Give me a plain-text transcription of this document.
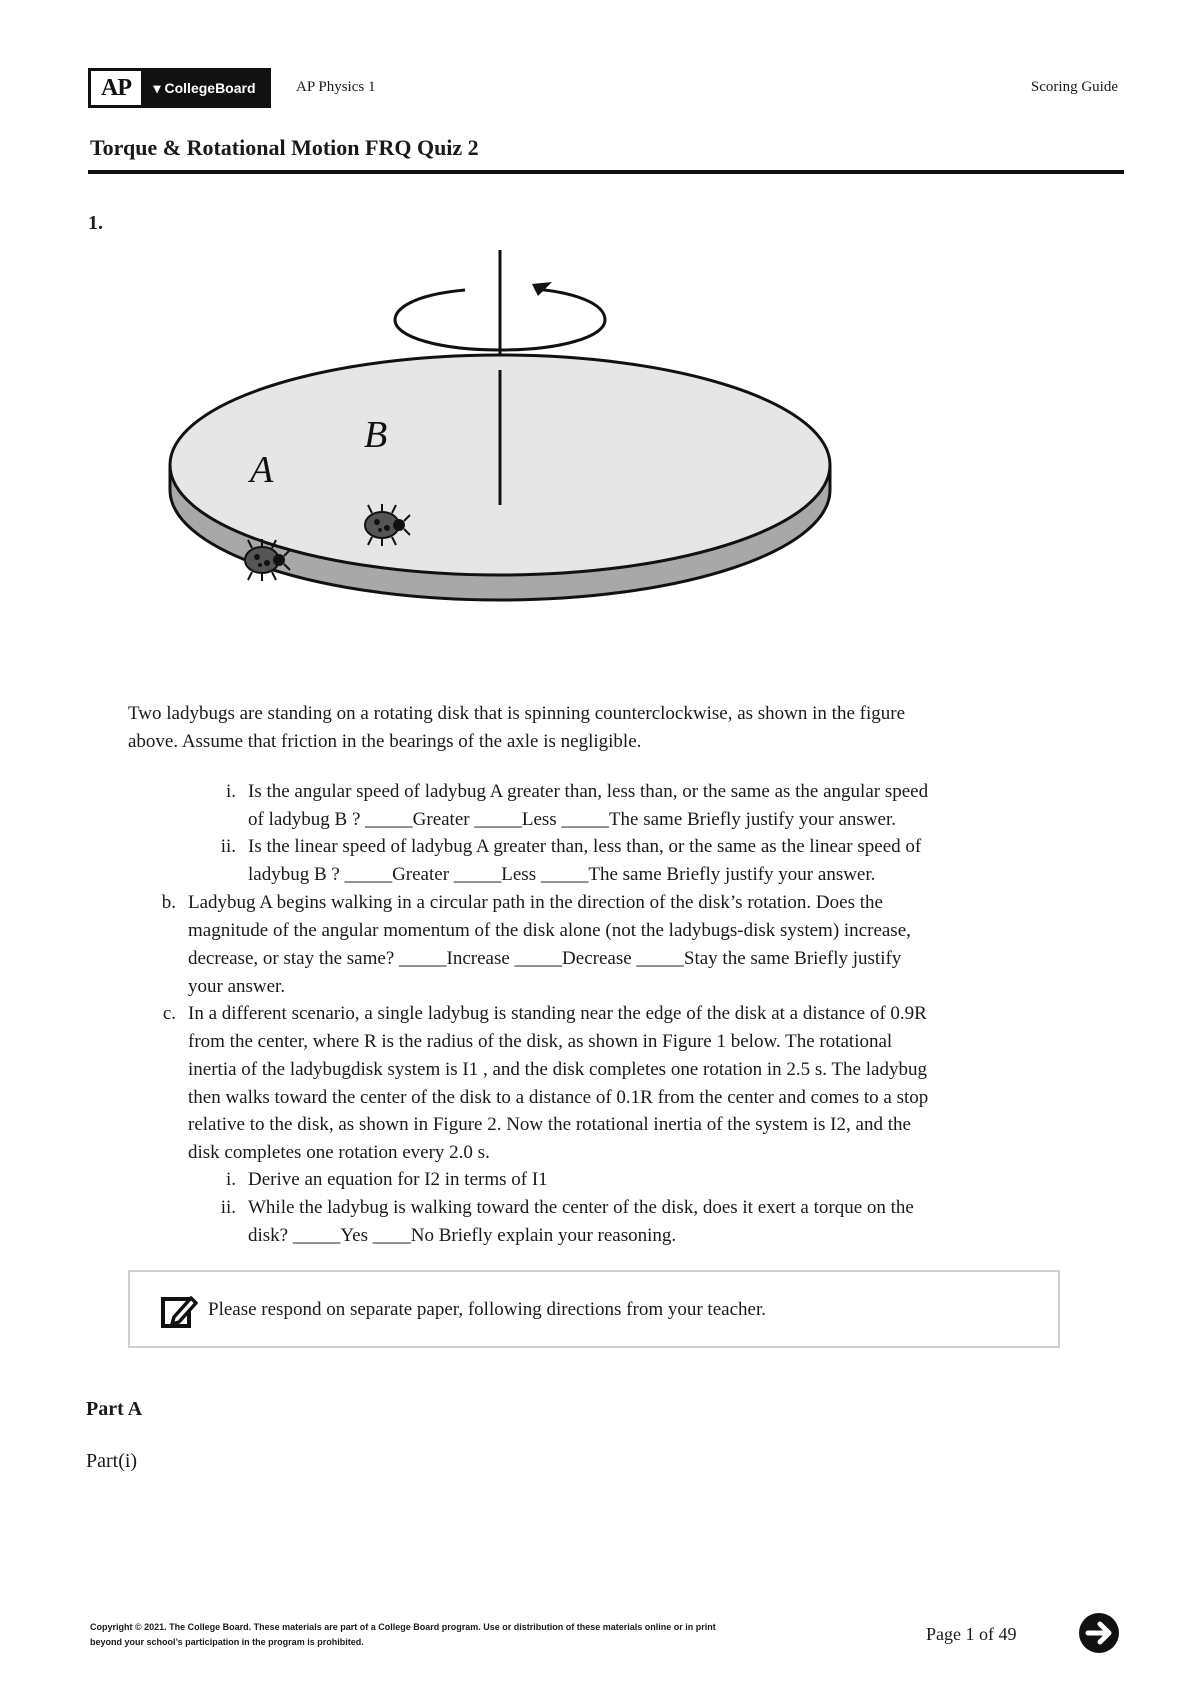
AP	▾ CollegeBoard	AP Physics 1	Scoring Guide
Torque & Rotational Motion FRQ Quiz 2
1.
B
A
Two ladybugs are standing on a rotating disk that is spinning counterclockwise, as shown in the figure
above. Assume that friction in the bearings of the axle is negligible.
i. Is the angular speed of ladybug A greater than, less than, or the same as the angular speed
of ladybug B ? _____Greater _____Less _____The same Briefly justify your answer.
ii. Is the linear speed of ladybug A greater than, less than, or the same as the linear speed of
ladybug B ? _____Greater _____Less _____The same Briefly justify your answer.
b. Ladybug A begins walking in a circular path in the direction of the disk’s rotation. Does the
magnitude of the angular momentum of the disk alone (not the ladybugs-disk system) increase,
decrease, or stay the same? _____Increase _____Decrease _____Stay the same Briefly justify
your answer.
c. In a different scenario, a single ladybug is standing near the edge of the disk at a distance of 0.9R
from the center, where R is the radius of the disk, as shown in Figure 1 below. The rotational
inertia of the ladybugdisk system is I1 , and the disk completes one rotation in 2.5 s. The ladybug
then walks toward the center of the disk to a distance of 0.1R from the center and comes to a stop
relative to the disk, as shown in Figure 2. Now the rotational inertia of the system is I2, and the
disk completes one rotation every 2.0 s.
i. Derive an equation for I2 in terms of I1
ii. While the ladybug is walking toward the center of the disk, does it exert a torque on the
disk? _____Yes ____No Briefly explain your reasoning.
Please respond on separate paper, following directions from your teacher.
Part A
Part(i)
Copyright © 2021. The College Board. These materials are part of a College Board program. Use or distribution of these materials online or in print
beyond your school’s participation in the program is prohibited.	Page 1 of 49
